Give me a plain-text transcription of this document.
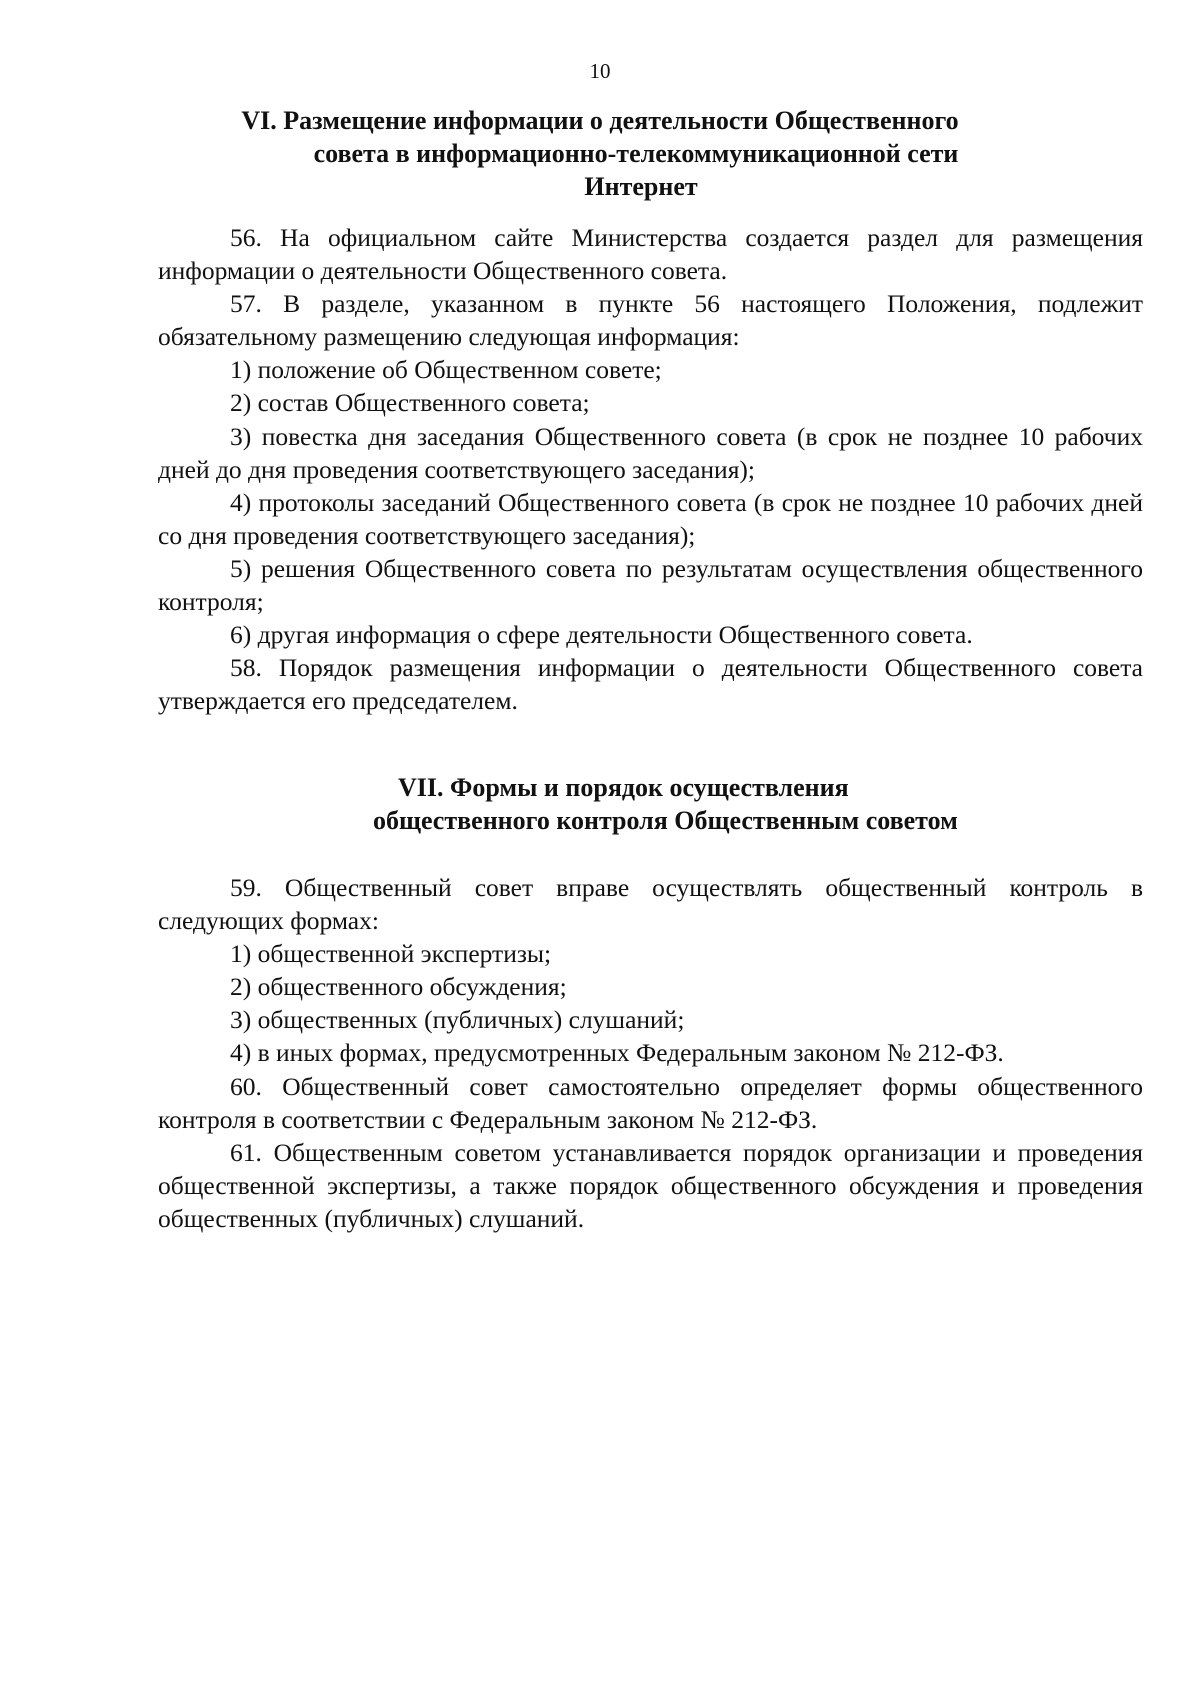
10
VI. Размещение информации о деятельности Общественного
совета в информационно-телекоммуникационной сети
Интернет

56. На официальном сайте Министерства создается раздел для размещения информации о деятельности Общественного совета.

57. В разделе, указанном в пункте 56 настоящего Положения, подлежит обязательному размещению следующая информация:

1) положение об Общественном совете;

2) состав Общественного совета;

3) повестка дня заседания Общественного совета (в срок не позднее 10 рабочих дней до дня проведения соответствующего заседания);

4) протоколы заседаний Общественного совета (в срок не позднее 10 рабочих дней со дня проведения соответствующего заседания);

5) решения Общественного совета по результатам осуществления общественного контроля;

6) другая информация о сфере деятельности Общественного совета.

58. Порядок размещения информации о деятельности Общественного совета утверждается его председателем.

VII. Формы и порядок осуществления
общественного контроля Общественным советом

59. Общественный совет вправе осуществлять общественный контроль в следующих формах:

1) общественной экспертизы;

2) общественного обсуждения;

3) общественных (публичных) слушаний;

4) в иных формах, предусмотренных Федеральным законом № 212-ФЗ.

60. Общественный совет самостоятельно определяет формы общественного контроля в соответствии с Федеральным законом № 212-ФЗ.

61. Общественным советом устанавливается порядок организации и проведения общественной экспертизы, а также порядок общественного обсуждения и проведения общественных (публичных) слушаний.
